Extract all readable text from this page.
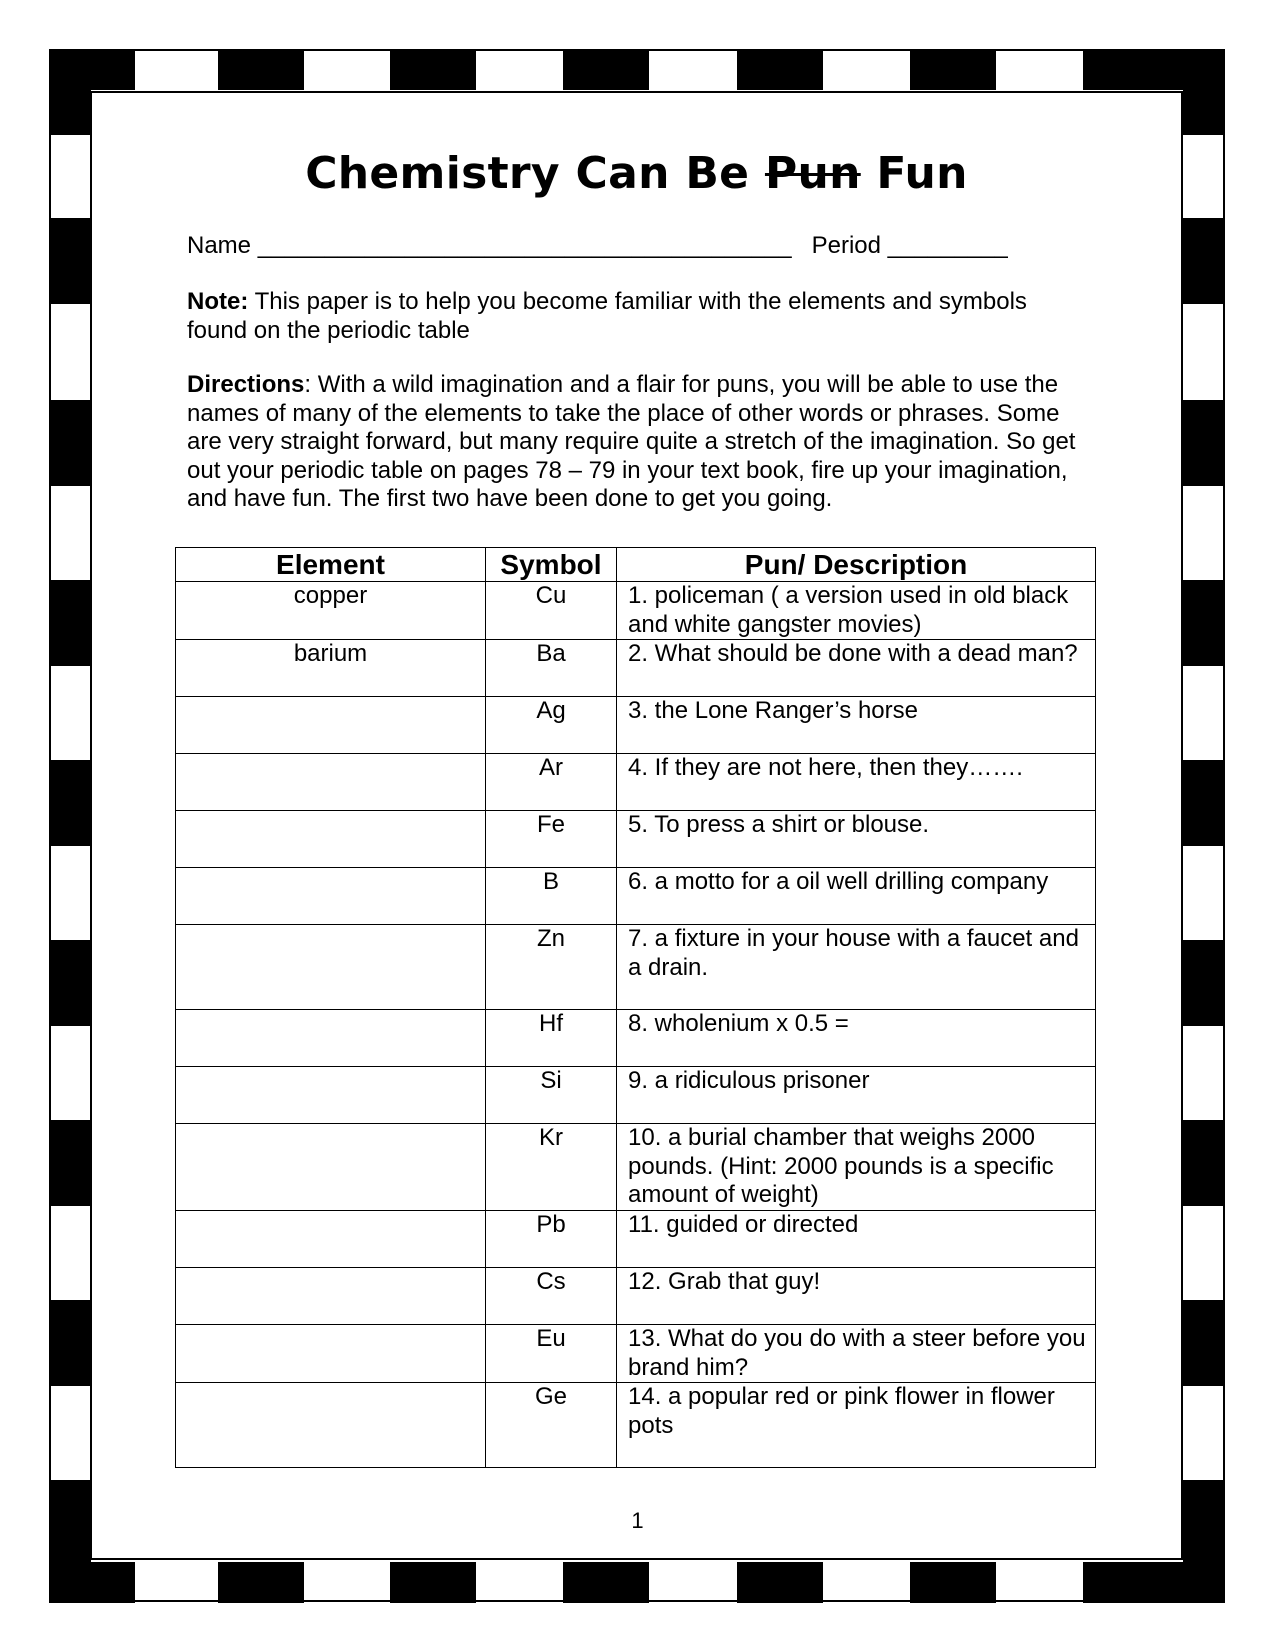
Chemistry Can Be Pun Fun
Name ________________________________________   Period _________
Note: This paper is to help you become familiar with the elements and symbols found on the periodic table
Directions: With a wild imagination and a flair for puns, you will be able to use the names of many of the elements to take the place of other words or phrases. Some are very straight forward, but many require quite a stretch of the imagination. So get out your periodic table on pages 78 – 79 in your text book, fire up your imagination, and have fun. The first two have been done to get you going.
Element	Symbol	Pun/ Description
copper	Cu	1. policeman ( a version used in old black and white gangster movies)
barium	Ba	2. What should be done with a dead man?
	Ag	3. the Lone Ranger’s horse
	Ar	4. If they are not here, then they…….
	Fe	5. To press a shirt or blouse.
	B	6. a motto for a oil well drilling company
	Zn	7. a fixture in your house with a faucet and a drain.
	Hf	8. wholenium x 0.5 =
	Si	9. a ridiculous prisoner
	Kr	10. a burial chamber that weighs 2000 pounds. (Hint: 2000 pounds is a specific amount of weight)
	Pb	11. guided or directed
	Cs	12. Grab that guy!
	Eu	13. What do you do with a steer before you brand him?
	Ge	14. a popular red or pink flower in flower pots
1
